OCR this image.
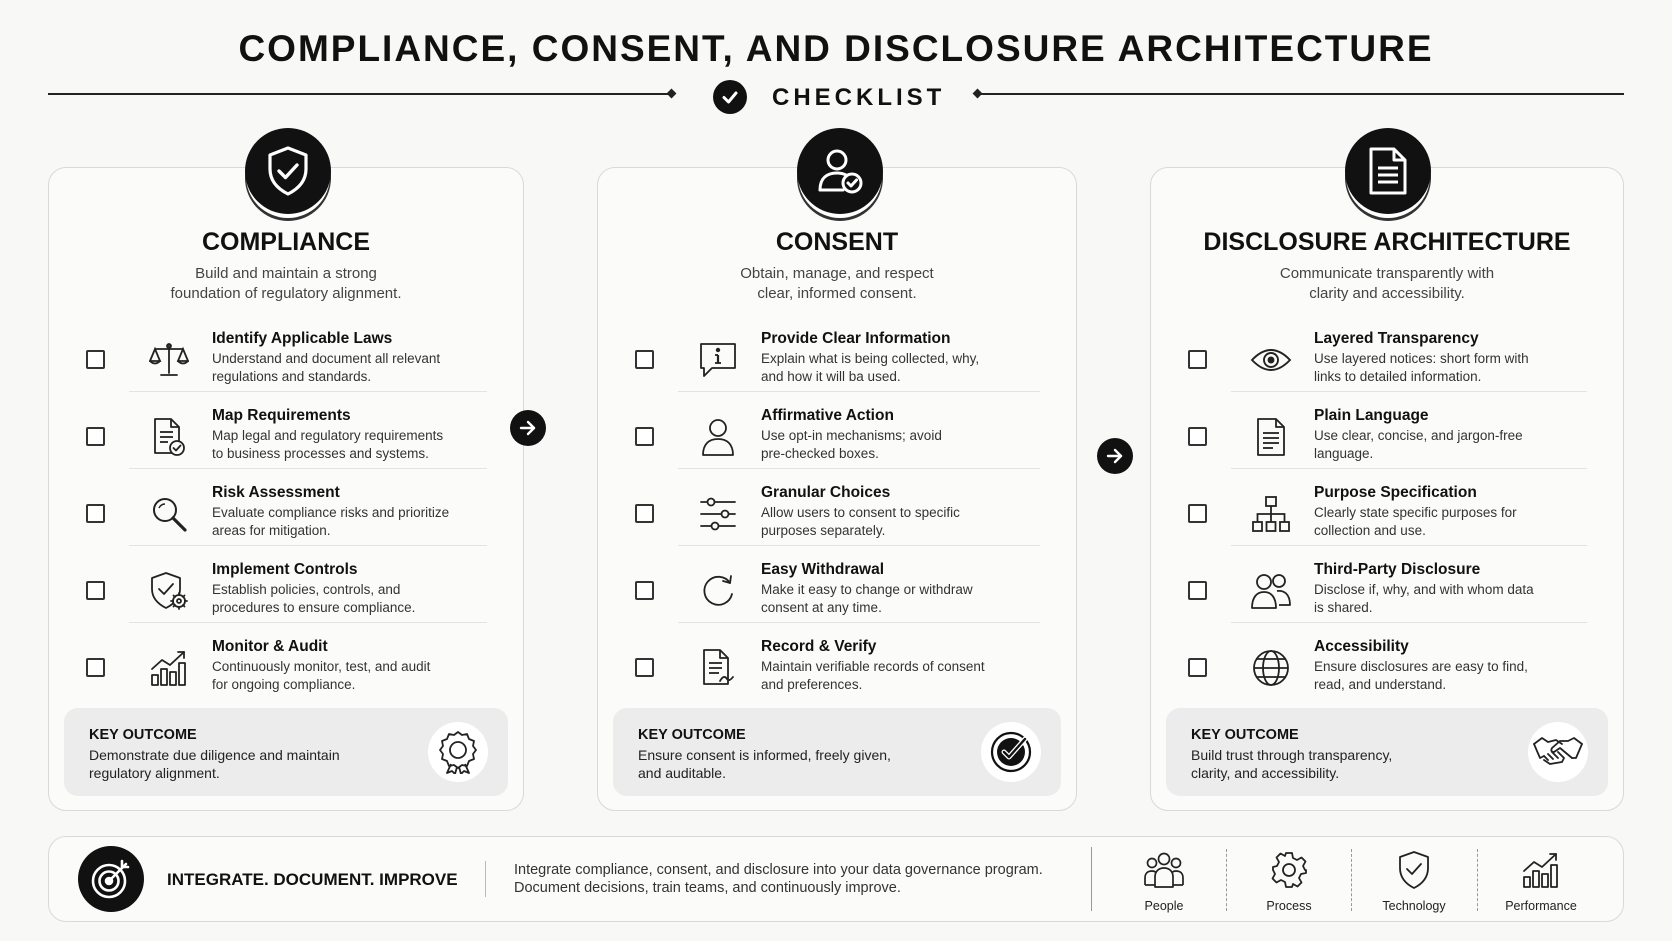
COMPLIANCE, CONSENT, AND DISCLOSURE ARCHITECTURE
CHECKLIST
COMPLIANCE
Build and maintain a strong
foundation of regulatory alignment.
Identify Applicable Laws
Understand and document all relevant
regulations and standards.
Map Requirements
Map legal and regulatory requirements
to business processes and systems.
Risk Assessment
Evaluate compliance risks and prioritize
areas for mitigation.
Implement Controls
Establish policies, controls, and
procedures to ensure compliance.
Monitor & Audit
Continuously monitor, test, and audit
for ongoing compliance.
KEY OUTCOME
Demonstrate due diligence and maintain
regulatory alignment.
CONSENT
Obtain, manage, and respect
clear, informed consent.
Provide Clear Information
Explain what is being collected, why,
and how it will ba used.
Affirmative Action
Use opt-in mechanisms; avoid
pre-checked boxes.
Granular Choices
Allow users to consent to specific
purposes separately.
Easy Withdrawal
Make it easy to change or withdraw
consent at any time.
Record & Verify
Maintain verifiable records of consent
and preferences.
KEY OUTCOME
Ensure consent is informed, freely given,
and auditable.
DISCLOSURE ARCHITECTURE
Communicate transparently with
clarity and accessibility.
Layered Transparency
Use layered notices: short form with
links to detailed information.
Plain Language
Use clear, concise, and jargon-free
language.
Purpose Specification
Clearly state specific purposes for
collection and use.
Third-Party Disclosure
Disclose if, why, and with whom data
is shared.
Accessibility
Ensure disclosures are easy to find,
read, and understand.
KEY OUTCOME
Build trust through transparency,
clarity, and accessibility.
INTEGRATE. DOCUMENT. IMPROVE	Integrate compliance, consent, and disclosure into your data governance program.
Document decisions, train teams, and continuously improve.
People	Process	Technology	Performance
